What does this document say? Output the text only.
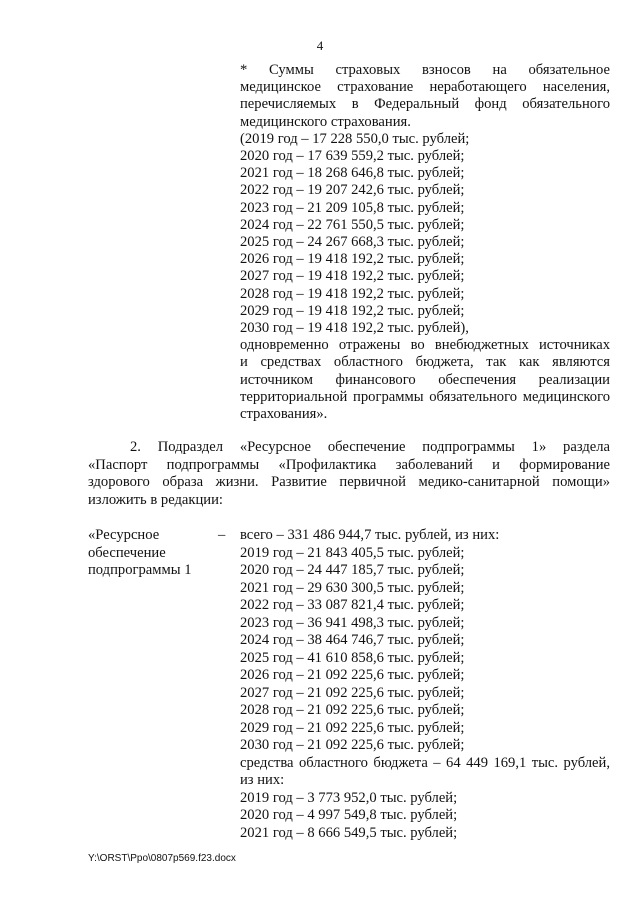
4

* Суммы страховых взносов на обязательное

медицинское страхование неработающего населения,

перечисляемых в Федеральный фонд обязательного

медицинского страхования.

(2019 год – 17 228 550,0 тыс. рублей;

2020 год – 17 639 559,2 тыс. рублей;

2021 год – 18 268 646,8 тыс. рублей;

2022 год – 19 207 242,6 тыс. рублей;

2023 год – 21 209 105,8 тыс. рублей;

2024 год – 22 761 550,5 тыс. рублей;

2025 год – 24 267 668,3 тыс. рублей;

2026 год – 19 418 192,2 тыс. рублей;

2027 год – 19 418 192,2 тыс. рублей;

2028 год – 19 418 192,2 тыс. рублей;

2029 год – 19 418 192,2 тыс. рублей;

2030 год – 19 418 192,2 тыс. рублей),

одновременно отражены во внебюджетных источниках

и средствах областного бюджета, так как являются

источником финансового обеспечения реализации

территориальной программы обязательного медицинского

страхования».

2. Подраздел «Ресурсное обеспечение подпрограммы 1» раздела

«Паспорт подпрограммы «Профилактика заболеваний и формирование

здорового образа жизни. Развитие первичной медико-санитарной помощи»

изложить в редакции:

«Ресурсное

обеспечение

подпрограммы 1

–	всего – 331 486 944,7 тыс. рублей, из них:

2019 год – 21 843 405,5 тыс. рублей;

2020 год – 24 447 185,7 тыс. рублей;

2021 год – 29 630 300,5 тыс. рублей;

2022 год – 33 087 821,4 тыс. рублей;

2023 год – 36 941 498,3 тыс. рублей;

2024 год – 38 464 746,7 тыс. рублей;

2025 год – 41 610 858,6 тыс. рублей;

2026 год – 21 092 225,6 тыс. рублей;

2027 год – 21 092 225,6 тыс. рублей;

2028 год – 21 092 225,6 тыс. рублей;

2029 год – 21 092 225,6 тыс. рублей;

2030 год – 21 092 225,6 тыс. рублей;

средства областного бюджета – 64 449 169,1 тыс. рублей,

из них:

2019 год – 3 773 952,0 тыс. рублей;

2020 год – 4 997 549,8 тыс. рублей;

2021 год – 8 666 549,5 тыс. рублей;

Y:\ORST\Ppo\0807p569.f23.docx
